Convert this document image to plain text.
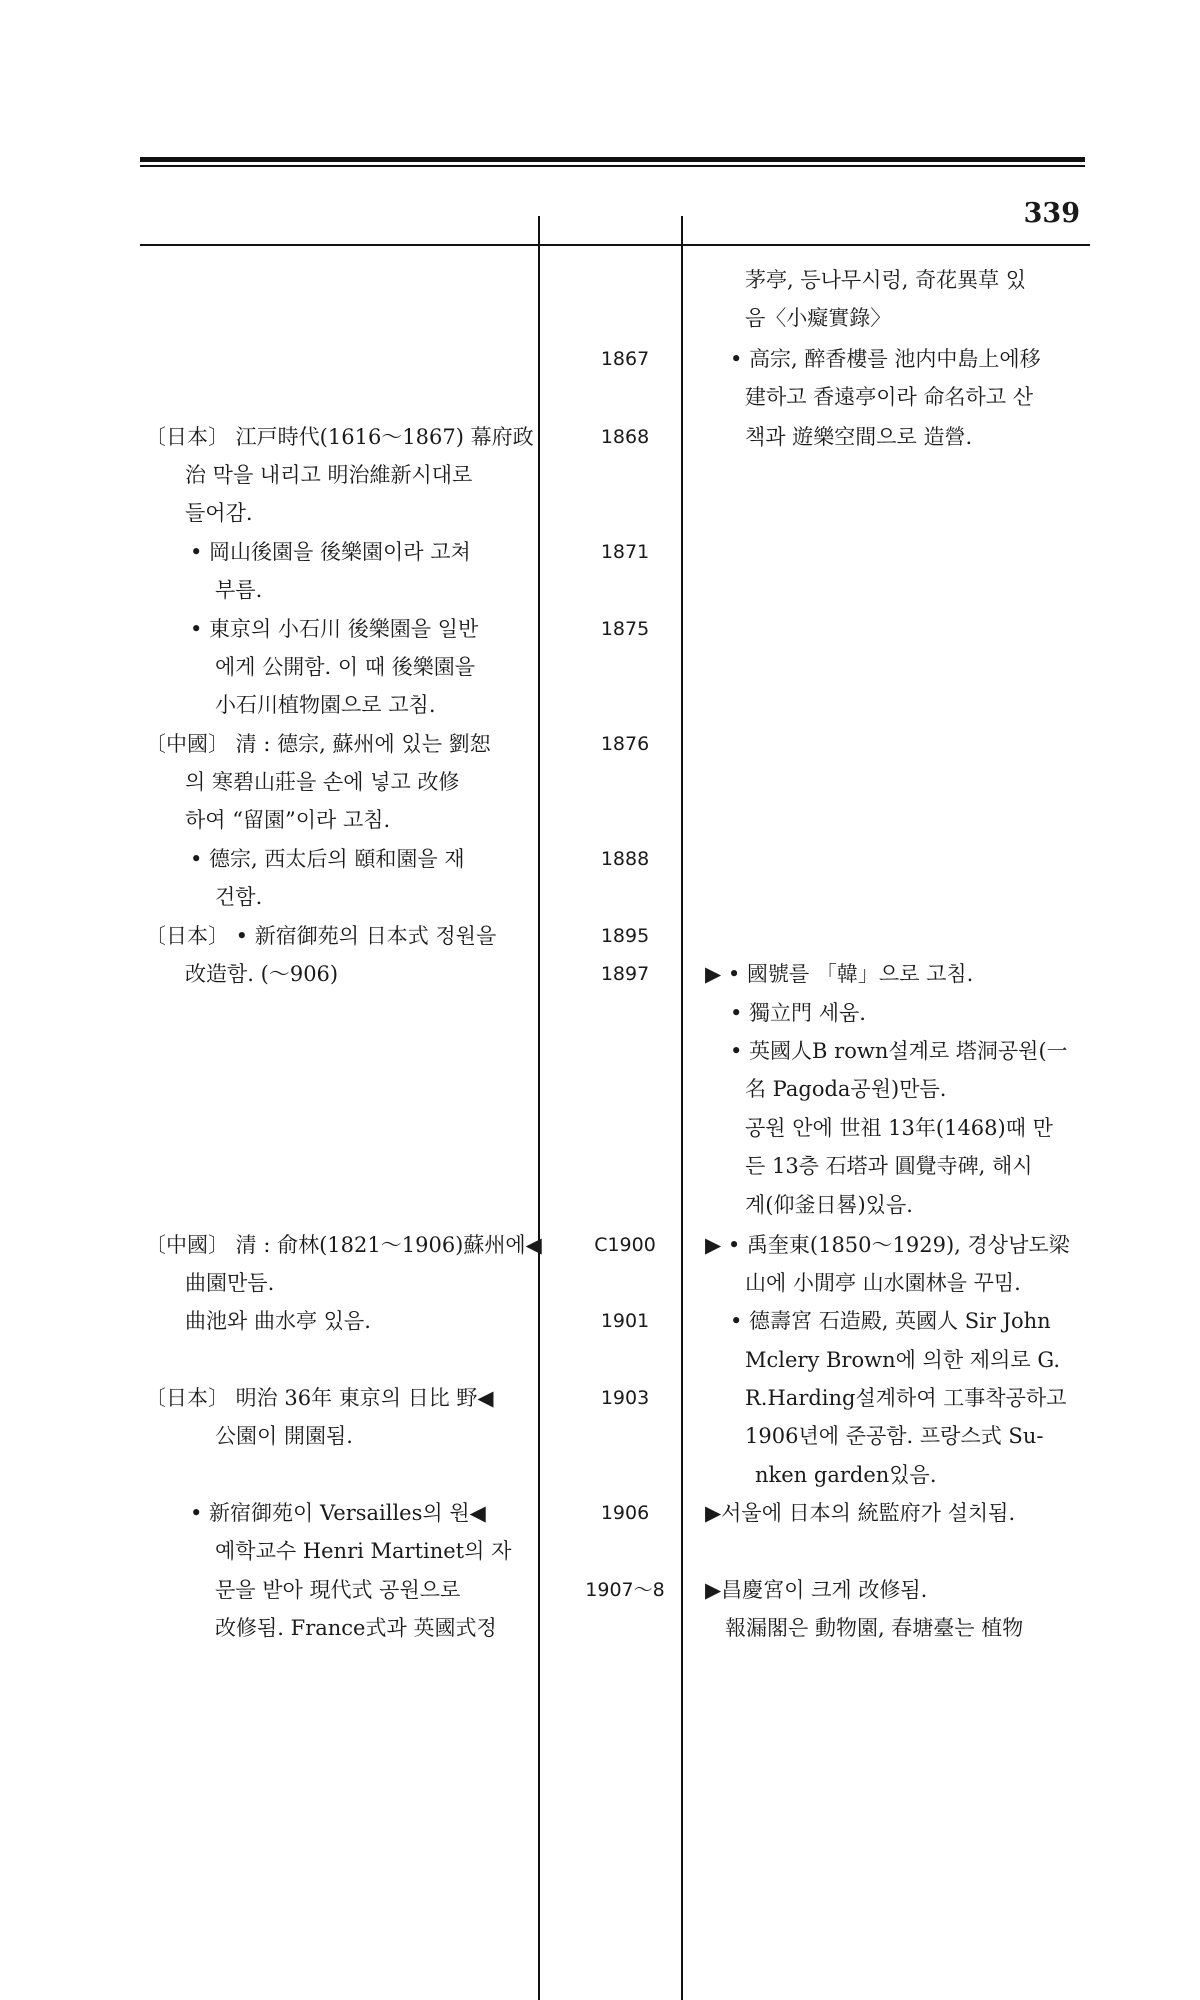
339
〔日本〕 江戸時代(1616～1867) 幕府政
治 막을 내리고 明治維新시대로
들어감.
• 岡山後園을 後樂園이라 고쳐
부름.
• 東京의 小石川 後樂園을 일반
에게 公開함. 이 때 後樂園을
小石川植物園으로 고침.
〔中國〕 清 : 德宗, 蘇州에 있는 劉恕
의 寒碧山莊을 손에 넣고 改修
하여 “留園”이라 고침.
• 德宗, 西太后의 頤和園을 재
건함.
〔日本〕 • 新宿御苑의 日本式 정원을
改造함. (～906)
〔中國〕 清 : 俞林(1821～1906)蘇州에◀
曲園만듬.
曲池와 曲水亭 있음.
〔日本〕 明治 36年 東京의 日比 野◀
公園이 開園됨.
• 新宿御苑이 Versailles의 원◀
예학교수 Henri Martinet의 자
문을 받아 現代式 공원으로
改修됨. France式과 英國式정
1867
1868
1871
1875
1876
1888
1895
1897
C1900
1901
1903
1906
1907～8
茅亭, 등나무시렁, 奇花異草 있
음〈小癡實錄〉
• 高宗, 醉香樓를 池内中島上에移
建하고 香遠亭이라 命名하고 산
책과 遊樂空間으로 造營.
▶ • 國號를 「韓」으로 고침.
• 獨立門 세움.
• 英國人B rown설계로 塔洞공원(一
名 Pagoda공원)만듬.
공원 안에 世祖 13年(1468)때 만
든 13층 石塔과 圓覺寺碑, 해시
계(仰釜日晷)있음.
▶ • 禹奎東(1850～1929), 경상남도梁
山에 小閒亭 山水園林을 꾸밈.
• 德壽宮 石造殿, 英國人 Sir John
Mclery Brown에 의한 제의로 G.
R.Harding설계하여 工事착공하고
1906년에 준공함. 프랑스式 Su-
nken garden있음.
▶서울에 日本의 統監府가 설치됨.
▶昌慶宮이 크게 改修됨.
報漏閣은 動物園, 春塘臺는 植物
